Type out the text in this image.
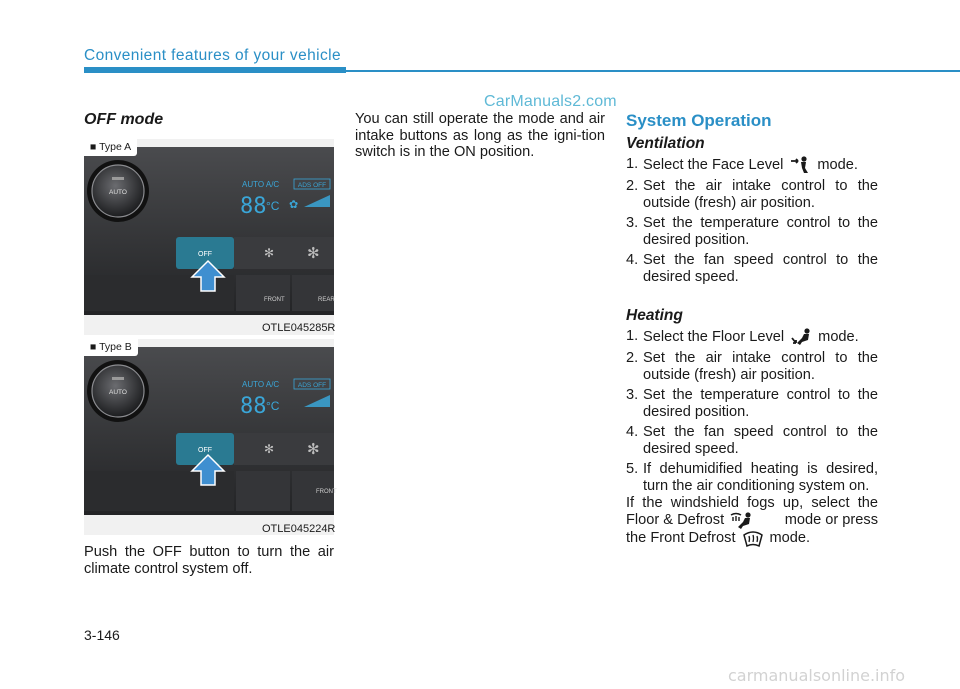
Convenient features of your vehicle
OFF mode
AUTO
AUTO A/C	ADS OFF
88 °C ✿
OFF	✻ ✻
FRONT	REAR
■ Type A
OTLE045285R
AUTO
AUTO A/C	ADS OFF
88 °C
OFF	✻ ✻
FRONT
■ Type B
OTLE045224R
Push the OFF button to turn the air climate control system off.
CarManuals2.com
You can still operate the mode and air intake buttons as long as the igni-tion switch is in the ON position.
System Operation
Ventilation
1. Select the Face Level mode.
2. Set the air intake control to the outside (fresh) air position.
3. Set the temperature control to the desired position.
4. Set the fan speed control to the desired speed.
Heating
1. Select the Floor Level mode.
2. Set the air intake control to the outside (fresh) air position.
3. Set the temperature control to the desired position.
4. Set the fan speed control to the desired speed.
5. If dehumidified heating is desired, turn the air conditioning system on.
If the windshield fogs up, select the
Floor & Defrost	mode or press
the Front Defrost mode.
3-146
carmanualsonline.info
